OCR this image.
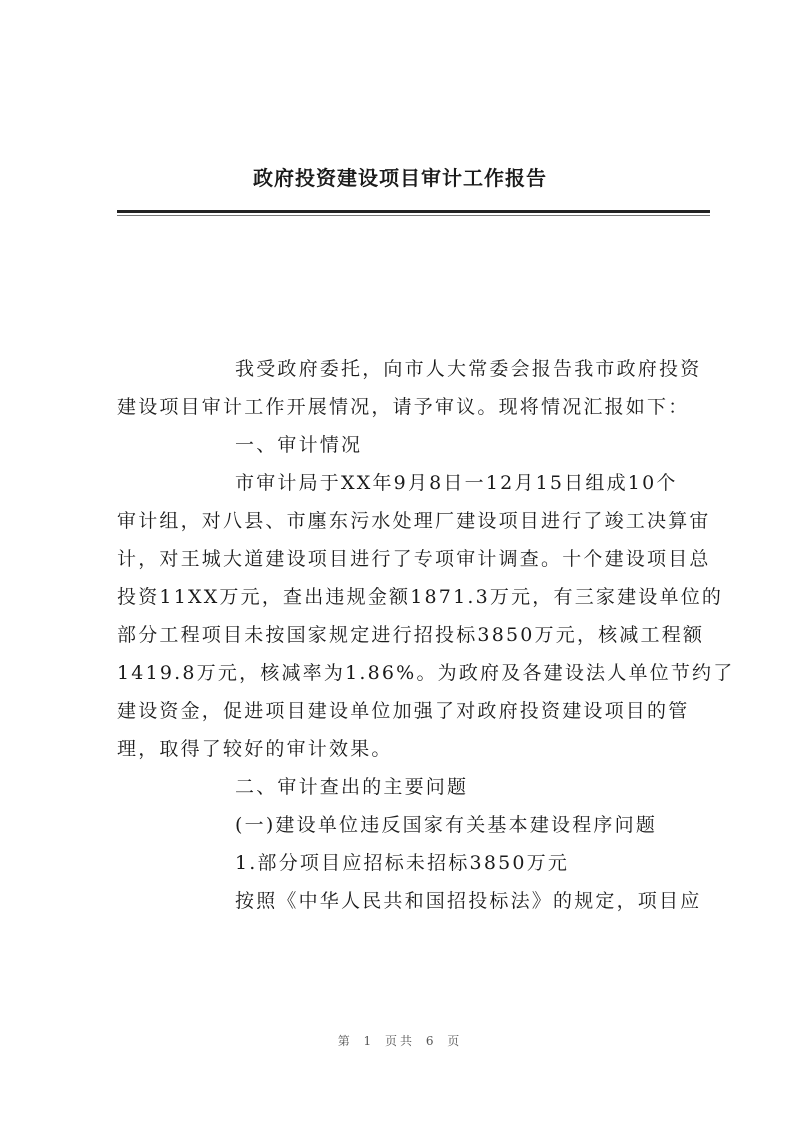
政府投资建设项目审计工作报告
我受政府委托，向市人大常委会报告我市政府投资
建设项目审计工作开展情况，请予审议。现将情况汇报如下：
一、审计情况
市审计局于XX年9月8日一12月15日组成10个
审计组，对八县、市廛东污水处理厂建设项目进行了竣工决算宙
计，对王城大道建设项目进行了专项审计调查。十个建设项目总
投资11XX万元，查出违规金额1871.3万元，有三家建设单位的
部分工程项目未按国家规定进行招投标3850万元，核减工程额
1419.8万元，核减率为1.86%。为政府及各建设法人单位节约了
建设资金，促进项目建设单位加强了对政府投资建设项目的管
理，取得了较好的审计效果。
二、审计查出的主要问题
(一)建设单位违反国家有关基本建设程序问题
1.部分项目应招标未招标3850万元
按照《中华人民共和国招投标法》的规定，项目应
第 1 页共 6 页
